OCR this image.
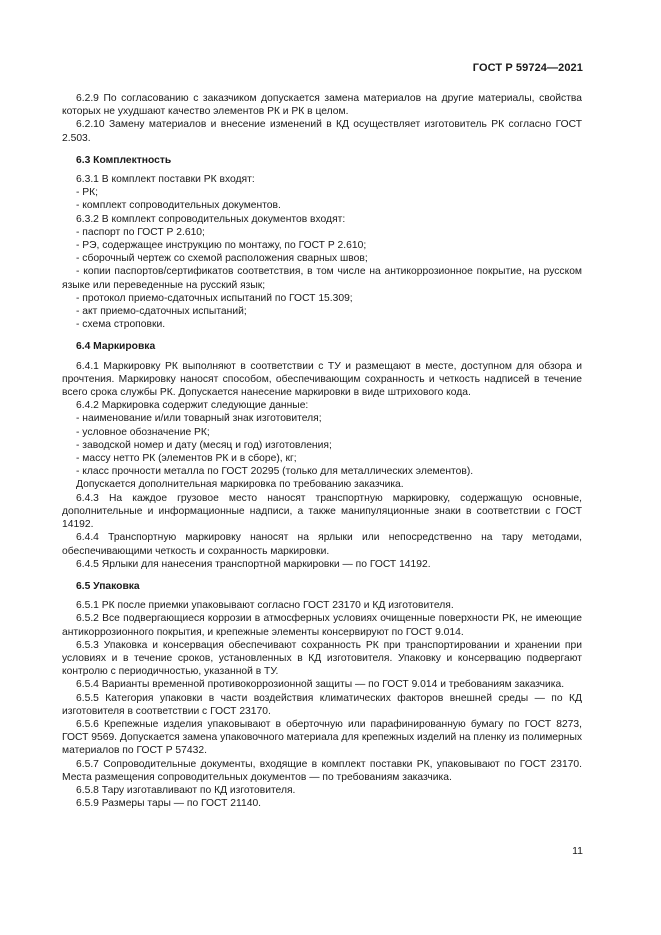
ГОСТ Р 59724—2021
6.2.9 По согласованию с заказчиком допускается замена материалов на другие материалы, свойства которых не ухудшают качество элементов РК и РК в целом.
6.2.10 Замену материалов и внесение изменений в КД осуществляет изготовитель РК согласно ГОСТ 2.503.
6.3 Комплектность
6.3.1 В комплект поставки РК входят:
- РК;
- комплект сопроводительных документов.
6.3.2 В комплект сопроводительных документов входят:
- паспорт по ГОСТ Р 2.610;
- РЭ, содержащее инструкцию по монтажу, по ГОСТ Р 2.610;
- сборочный чертеж со схемой расположения сварных швов;
- копии паспортов/сертификатов соответствия, в том числе на антикоррозионное покрытие, на русском языке или переведенные на русский язык;
- протокол приемо-сдаточных испытаний по ГОСТ 15.309;
- акт приемо-сдаточных испытаний;
- схема строповки.
6.4 Маркировка
6.4.1 Маркировку РК выполняют в соответствии с ТУ и размещают в месте, доступном для обзора и прочтения. Маркировку наносят способом, обеспечивающим сохранность и четкость надписей в течение всего срока службы РК. Допускается нанесение маркировки в виде штрихового кода.
6.4.2 Маркировка содержит следующие данные:
- наименование и/или товарный знак изготовителя;
- условное обозначение РК;
- заводской номер и дату (месяц и год) изготовления;
- массу нетто РК (элементов РК и в сборе), кг;
- класс прочности металла по ГОСТ 20295 (только для металлических элементов).
Допускается дополнительная маркировка по требованию заказчика.
6.4.3 На каждое грузовое место наносят транспортную маркировку, содержащую основные, дополнительные и информационные надписи, а также манипуляционные знаки в соответствии с ГОСТ 14192.
6.4.4 Транспортную маркировку наносят на ярлыки или непосредственно на тару методами, обеспечивающими четкость и сохранность маркировки.
6.4.5 Ярлыки для нанесения транспортной маркировки — по ГОСТ 14192.
6.5 Упаковка
6.5.1 РК после приемки упаковывают согласно ГОСТ 23170 и КД изготовителя.
6.5.2 Все подвергающиеся коррозии в атмосферных условиях очищенные поверхности РК, не имеющие антикоррозионного покрытия, и крепежные элементы консервируют по ГОСТ 9.014.
6.5.3 Упаковка и консервация обеспечивают сохранность РК при транспортировании и хранении при условиях и в течение сроков, установленных в КД изготовителя. Упаковку и консервацию подвергают контролю с периодичностью, указанной в ТУ.
6.5.4 Варианты временной противокоррозионной защиты — по ГОСТ 9.014 и требованиям заказчика.
6.5.5 Категория упаковки в части воздействия климатических факторов внешней среды — по КД изготовителя в соответствии с ГОСТ 23170.
6.5.6 Крепежные изделия упаковывают в оберточную или парафинированную бумагу по ГОСТ 8273, ГОСТ 9569. Допускается замена упаковочного материала для крепежных изделий на пленку из полимерных материалов по ГОСТ Р 57432.
6.5.7 Сопроводительные документы, входящие в комплект поставки РК, упаковывают по ГОСТ 23170. Места размещения сопроводительных документов — по требованиям заказчика.
6.5.8 Тару изготавливают по КД изготовителя.
6.5.9 Размеры тары — по ГОСТ 21140.
11
